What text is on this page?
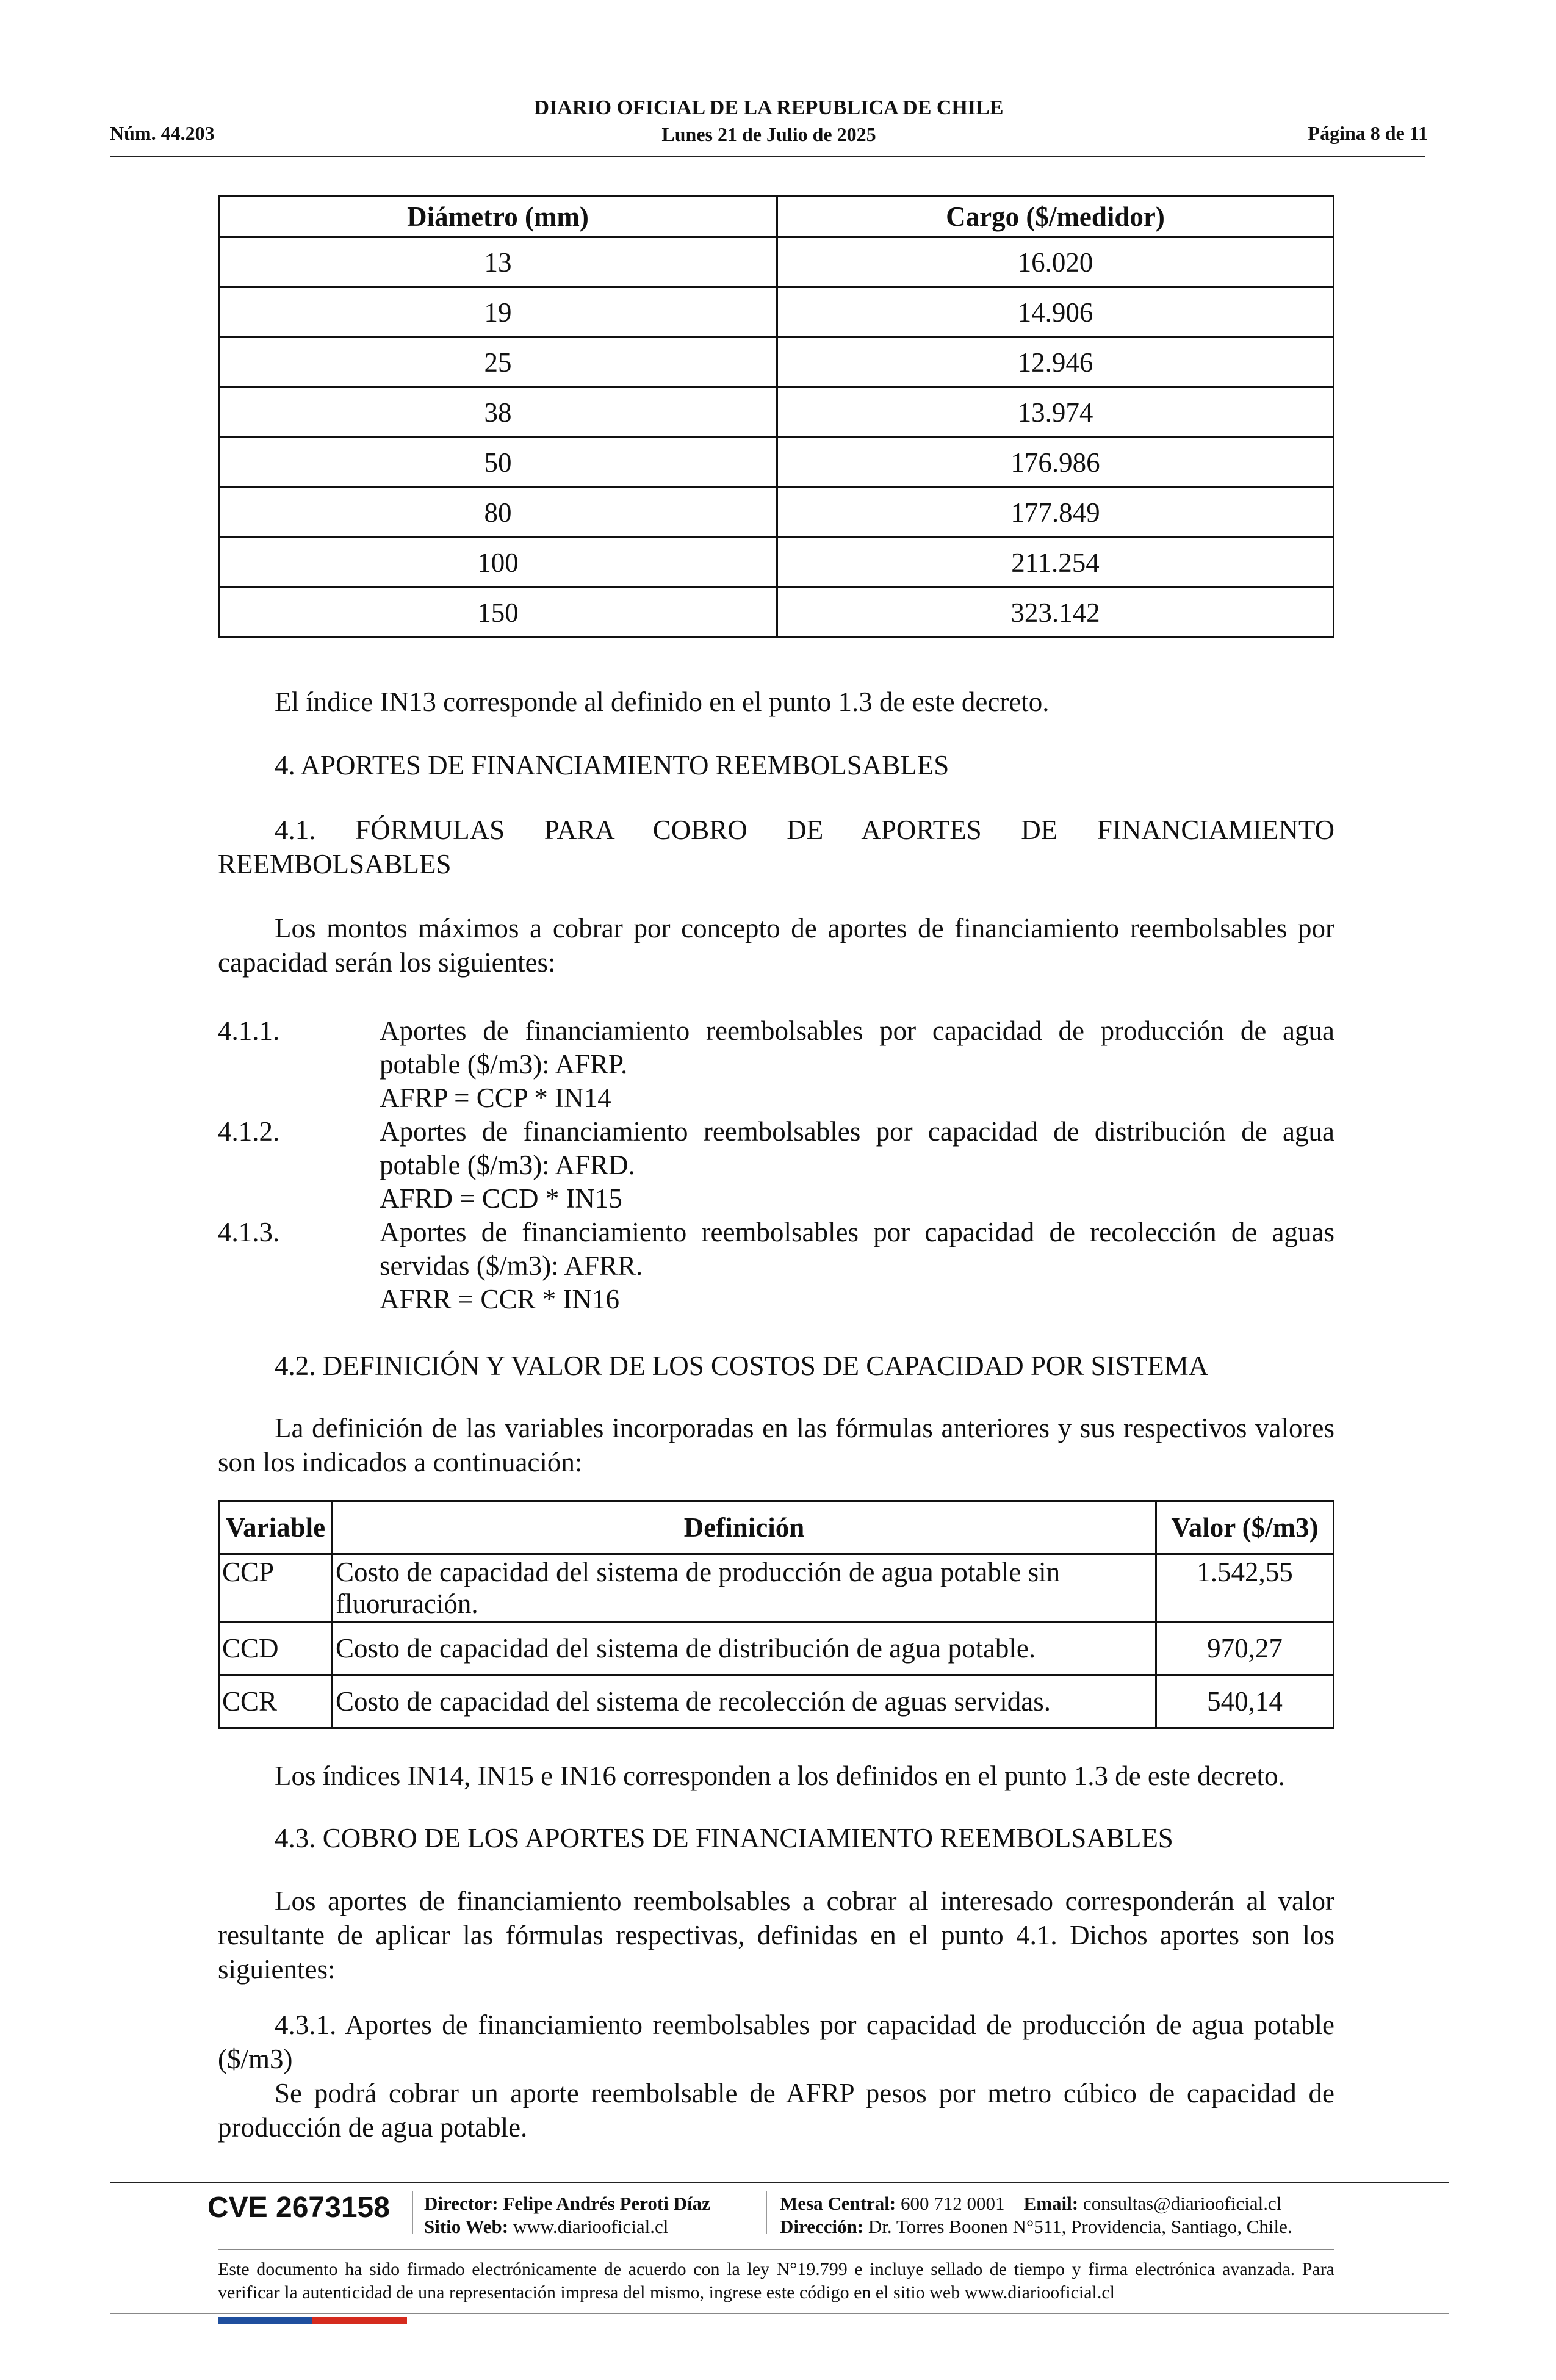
DIARIO OFICIAL DE LA REPUBLICA DE CHILE
Núm. 44.203	Lunes 21 de Julio de 2025	Página 8 de 11
Diámetro (mm)	Cargo ($/medidor)
13	16.020
19	14.906
25	12.946
38	13.974
50	176.986
80	177.849
100	211.254
150	323.142
El índice IN13 corresponde al definido en el punto 1.3 de este decreto.
4. APORTES DE FINANCIAMIENTO REEMBOLSABLES
4.1. FÓRMULAS PARA COBRO DE APORTES DE FINANCIAMIENTO REEMBOLSABLES
Los montos máximos a cobrar por concepto de aportes de financiamiento reembolsables por capacidad serán los siguientes:
4.1.1.	Aportes de financiamiento reembolsables por capacidad de producción de agua potable ($/m3): AFRP.
AFRP = CCP * IN14
4.1.2.	Aportes de financiamiento reembolsables por capacidad de distribución de agua potable ($/m3): AFRD.
AFRD = CCD * IN15
4.1.3.	Aportes de financiamiento reembolsables por capacidad de recolección de aguas servidas ($/m3): AFRR.
AFRR = CCR * IN16
4.2. DEFINICIÓN Y VALOR DE LOS COSTOS DE CAPACIDAD POR SISTEMA
La definición de las variables incorporadas en las fórmulas anteriores y sus respectivos valores son los indicados a continuación:
Variable	Definición	Valor ($/m3)
CCP	Costo de capacidad del sistema de producción de agua potable sin fluoruración.	1.542,55
CCD	Costo de capacidad del sistema de distribución de agua potable.	970,27
CCR	Costo de capacidad del sistema de recolección de aguas servidas.	540,14
Los índices IN14, IN15 e IN16 corresponden a los definidos en el punto 1.3 de este decreto.
4.3. COBRO DE LOS APORTES DE FINANCIAMIENTO REEMBOLSABLES
Los aportes de financiamiento reembolsables a cobrar al interesado corresponderán al valor resultante de aplicar las fórmulas respectivas, definidas en el punto 4.1. Dichos aportes son los siguientes:
4.3.1. Aportes de financiamiento reembolsables por capacidad de producción de agua potable ($/m3)
Se podrá cobrar un aporte reembolsable de AFRP pesos por metro cúbico de capacidad de producción de agua potable.
CVE 2673158 Director: Felipe Andrés Peroti Díaz
Sitio Web: www.diariooficial.cl
Mesa Central: 600 712 0001 Email: consultas@diariooficial.cl
Dirección: Dr. Torres Boonen N°511, Providencia, Santiago, Chile.
Este documento ha sido firmado electrónicamente de acuerdo con la ley N°19.799 e incluye sellado de tiempo y firma electrónica avanzada. Para verificar la autenticidad de una representación impresa del mismo, ingrese este código en el sitio web www.diariooficial.cl
